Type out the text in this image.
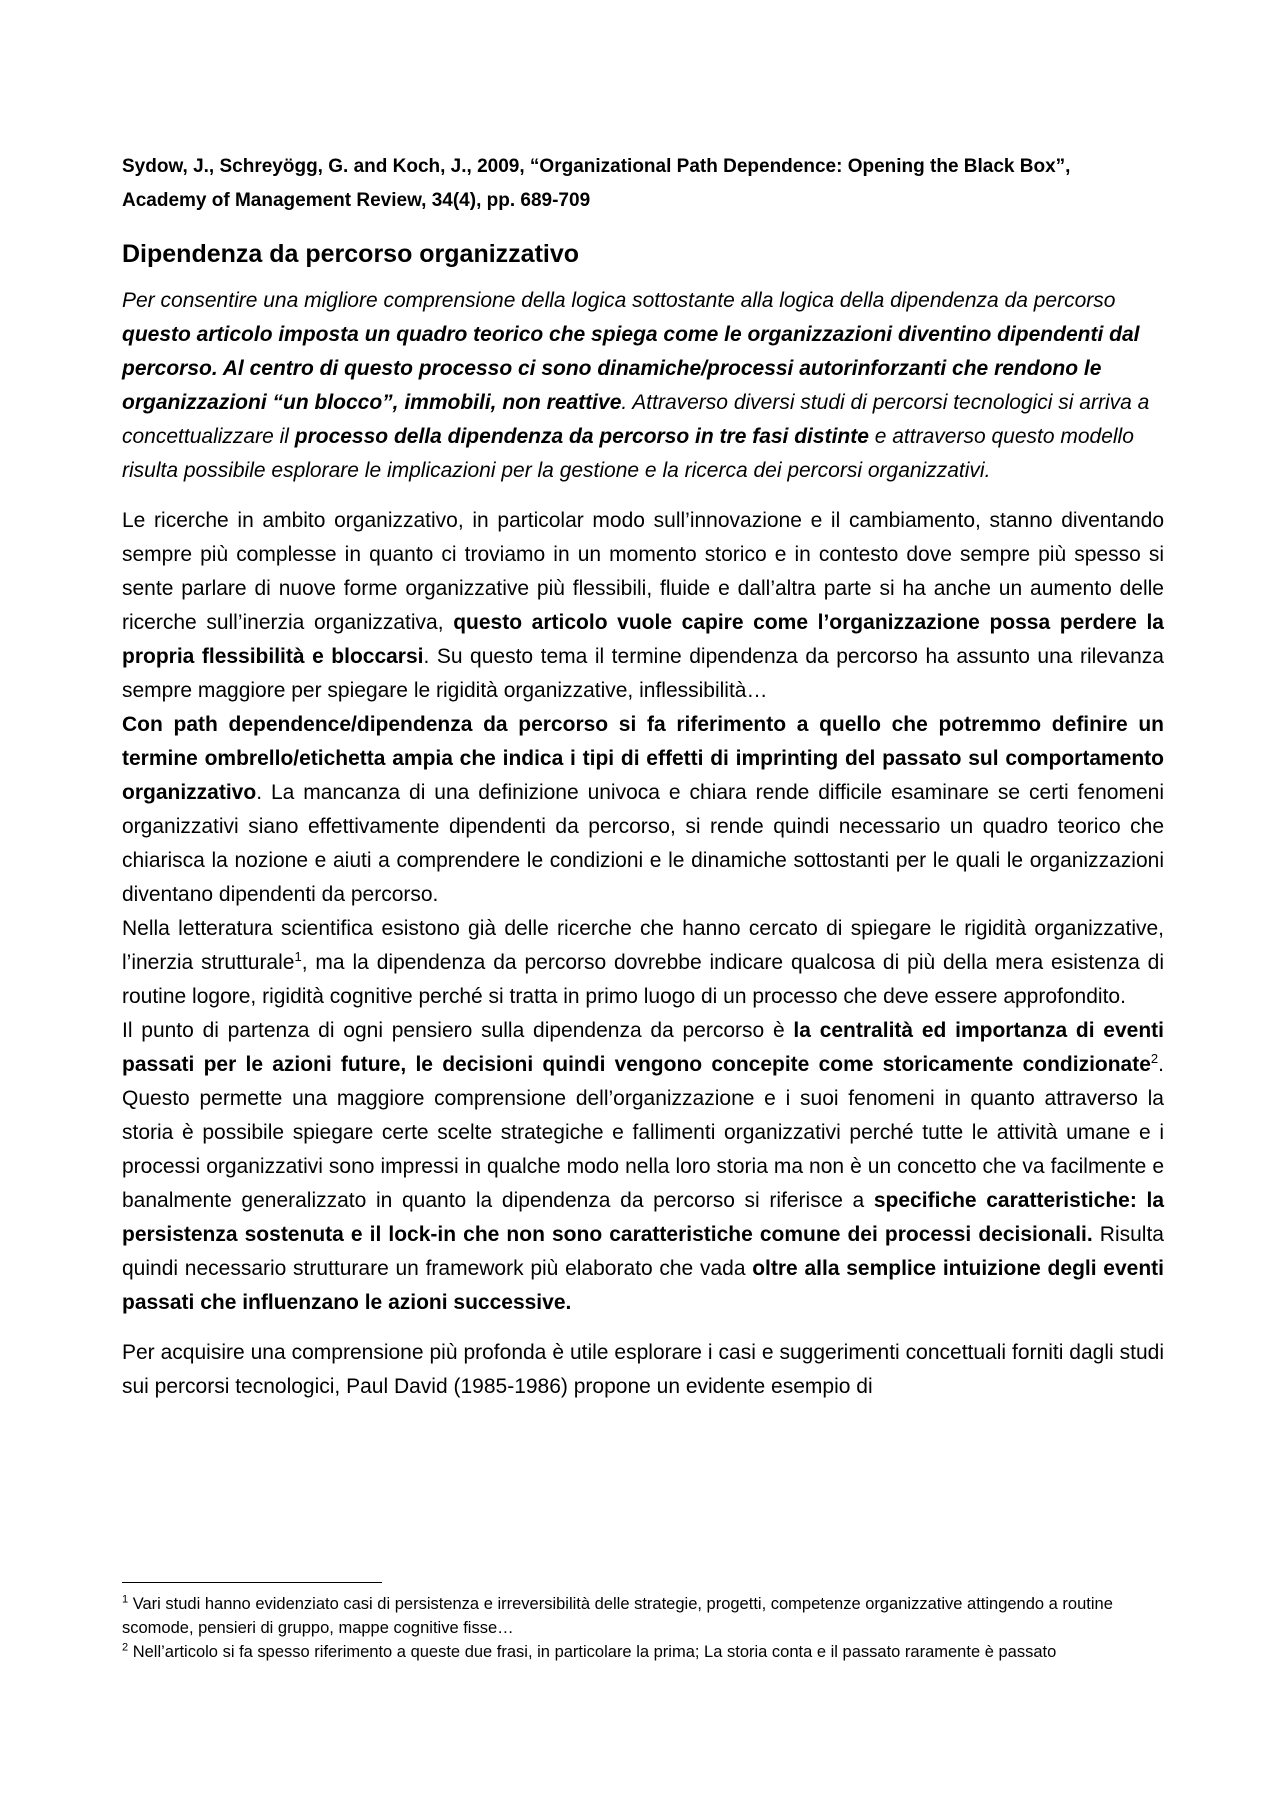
Sydow, J., Schreyögg, G. and Koch, J., 2009, “Organizational Path Dependence: Opening the Black Box”,
Academy of Management Review, 34(4), pp. 689-709
Dipendenza da percorso organizzativo

Per consentire una migliore comprensione della logica sottostante alla logica della dipendenza da percorso questo articolo imposta un quadro teorico che spiega come le organizzazioni diventino dipendenti dal percorso. Al centro di questo processo ci sono dinamiche/processi autorinforzanti che rendono le organizzazioni “un blocco”, immobili, non reattive. Attraverso diversi studi di percorsi tecnologici si arriva a concettualizzare il processo della dipendenza da percorso in tre fasi distinte e attraverso questo modello risulta possibile esplorare le implicazioni per la gestione e la ricerca dei percorsi organizzativi.

Le ricerche in ambito organizzativo, in particolar modo sull’innovazione e il cambiamento, stanno diventando sempre più complesse in quanto ci troviamo in un momento storico e in contesto dove sempre più spesso si sente parlare di nuove forme organizzative più flessibili, fluide e dall’altra parte si ha anche un aumento delle ricerche sull’inerzia organizzativa, questo articolo vuole capire come l’organizzazione possa perdere la propria flessibilità e bloccarsi. Su questo tema il termine dipendenza da percorso ha assunto una rilevanza sempre maggiore per spiegare le rigidità organizzative, inflessibilità…

Con path dependence/dipendenza da percorso si fa riferimento a quello che potremmo definire un termine ombrello/etichetta ampia che indica i tipi di effetti di imprinting del passato sul comportamento organizzativo. La mancanza di una definizione univoca e chiara rende difficile esaminare se certi fenomeni organizzativi siano effettivamente dipendenti da percorso, si rende quindi necessario un quadro teorico che chiarisca la nozione e aiuti a comprendere le condizioni e le dinamiche sottostanti per le quali le organizzazioni diventano dipendenti da percorso.

Nella letteratura scientifica esistono già delle ricerche che hanno cercato di spiegare le rigidità organizzative, l’inerzia strutturale$^1$, ma la dipendenza da percorso dovrebbe indicare qualcosa di più della mera esistenza di routine logore, rigidità cognitive perché si tratta in primo luogo di un processo che deve essere approfondito.

Il punto di partenza di ogni pensiero sulla dipendenza da percorso è la centralità ed importanza di eventi passati per le azioni future, le decisioni quindi vengono concepite come storicamente condizionate$^2$. Questo permette una maggiore comprensione dell’organizzazione e i suoi fenomeni in quanto attraverso la storia è possibile spiegare certe scelte strategiche e fallimenti organizzativi perché tutte le attività umane e i processi organizzativi sono impressi in qualche modo nella loro storia ma non è un concetto che va facilmente e banalmente generalizzato in quanto la dipendenza da percorso si riferisce a specifiche caratteristiche: la persistenza sostenuta e il lock-in che non sono caratteristiche comune dei processi decisionali. Risulta quindi necessario strutturare un framework più elaborato che vada oltre alla semplice intuizione degli eventi passati che influenzano le azioni successive.

Per acquisire una comprensione più profonda è utile esplorare i casi e suggerimenti concettuali forniti dagli studi sui percorsi tecnologici, Paul David (1985-1986) propone un evidente esempio di

$^1$ Vari studi hanno evidenziato casi di persistenza e irreversibilità delle strategie, progetti, competenze organizzative attingendo a routine scomode, pensieri di gruppo, mappe cognitive fisse…

$^2$ Nell’articolo si fa spesso riferimento a queste due frasi, in particolare la prima; La storia conta e il passato raramente è passato
